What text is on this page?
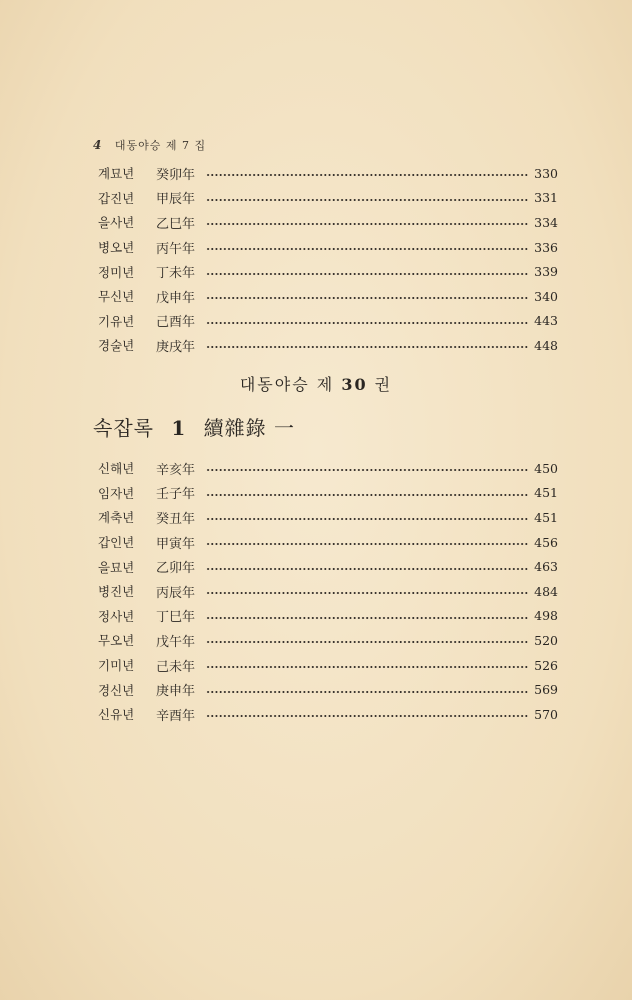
4 대동야승 제 7 집
계묘년	癸卯年	330
갑진년	甲辰年	331
을사년	乙巳年	334
병오년	丙午年	336
정미년	丁未年	339
무신년	戊申年	340
기유년	己酉年	443
경술년	庚戌年	448
대동야승 제 30 권
속잡록 1 續雜錄 一
신해년	辛亥年	450
임자년	壬子年	451
계축년	癸丑年	451
갑인년	甲寅年	456
을묘년	乙卯年	463
병진년	丙辰年	484
정사년	丁巳年	498
무오년	戊午年	520
기미년	己未年	526
경신년	庚申年	569
신유년	辛酉年	570
